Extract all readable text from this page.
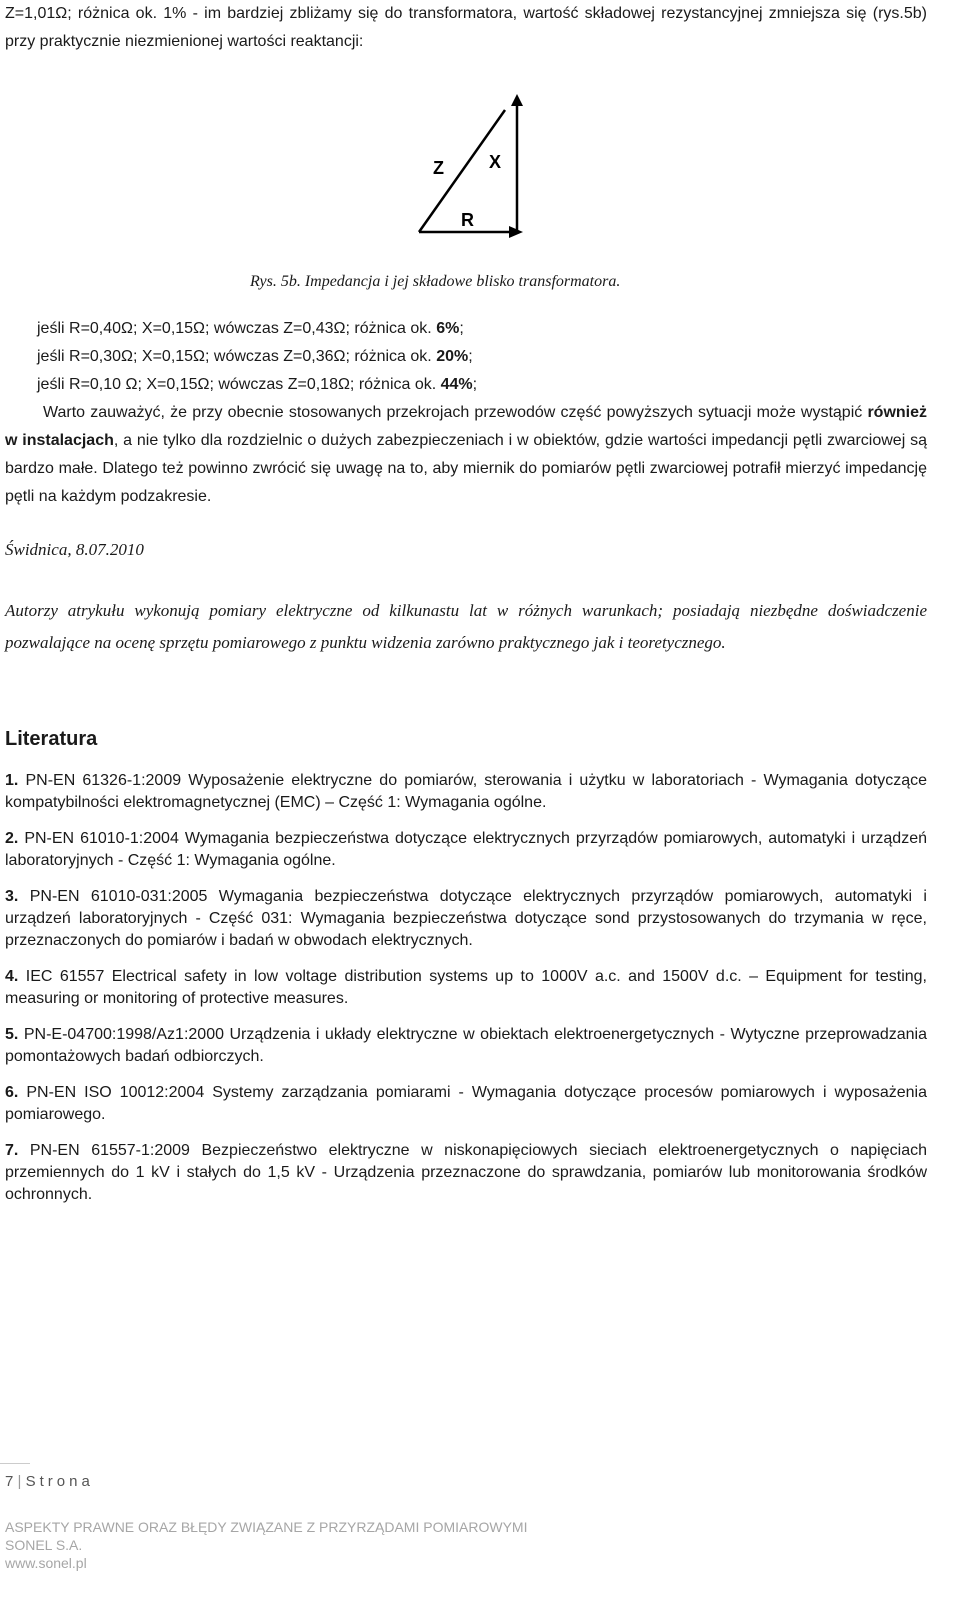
Z=1,01Ω; różnica ok. 1% - im bardziej zbliżamy się do transformatora, wartość składowej rezystancyjnej zmniejsza się (rys.5b) przy praktycznie niezmienionej wartości reaktancji:

Z	X
R
Rys. 5b. Impedancja i jej składowe blisko transformatora.

jeśli R=0,40Ω; X=0,15Ω; wówczas Z=0,43Ω; różnica ok. 6%;

jeśli R=0,30Ω; X=0,15Ω; wówczas Z=0,36Ω; różnica ok. 20%;

jeśli R=0,10 Ω; X=0,15Ω; wówczas Z=0,18Ω; różnica ok. 44%;

Warto zauważyć, że przy obecnie stosowanych przekrojach przewodów część powyższych sytuacji może wystąpić również w instalacjach, a nie tylko dla rozdzielnic o dużych zabezpieczeniach i w obiektów, gdzie wartości impedancji pętli zwarciowej są bardzo małe. Dlatego też powinno zwrócić się uwagę na to, aby miernik do pomiarów pętli zwarciowej potrafił mierzyć impedancję pętli na każdym podzakresie.

Świdnica, 8.07.2010

Autorzy atrykułu wykonują pomiary elektryczne od kilkunastu lat w różnych warunkach; posiadają niezbędne doświadczenie pozwalające na ocenę sprzętu pomiarowego z punktu widzenia zarówno praktycznego jak i teoretycznego.

Literatura
1. PN-EN 61326-1:2009 Wyposażenie elektryczne do pomiarów, sterowania i użytku w laboratoriach - Wymagania dotyczące kompatybilności elektromagnetycznej (EMC) – Część 1: Wymagania ogólne.
2. PN-EN 61010-1:2004 Wymagania bezpieczeństwa dotyczące elektrycznych przyrządów pomiarowych, automatyki i urządzeń laboratoryjnych - Część 1: Wymagania ogólne.
3. PN-EN 61010-031:2005 Wymagania bezpieczeństwa dotyczące elektrycznych przyrządów pomiarowych, automatyki i urządzeń laboratoryjnych - Część 031: Wymagania bezpieczeństwa dotyczące sond przystosowanych do trzymania w ręce, przeznaczonych do pomiarów i badań w obwodach elektrycznych.
4. IEC 61557 Electrical safety in low voltage distribution systems up to 1000V a.c. and 1500V d.c. – Equipment for testing, measuring or monitoring of protective measures.
5. PN-E-04700:1998/Az1:2000 Urządzenia i układy elektryczne w obiektach elektroenergetycznych - Wytyczne przeprowadzania pomontażowych badań odbiorczych.
6. PN-EN ISO 10012:2004 Systemy zarządzania pomiarami - Wymagania dotyczące procesów pomiarowych i wyposażenia pomiarowego.
7. PN-EN 61557-1:2009 Bezpieczeństwo elektryczne w niskonapięciowych sieciach elektroenergetycznych o napięciach przemiennych do 1 kV i stałych do 1,5 kV - Urządzenia przeznaczone do sprawdzania, pomiarów lub monitorowania środków ochronnych.
7 | Strona
ASPEKTY PRAWNE ORAZ BŁĘDY ZWIĄZANE Z PRZYRZĄDAMI POMIAROWYMI
SONEL S.A.
www.sonel.pl
